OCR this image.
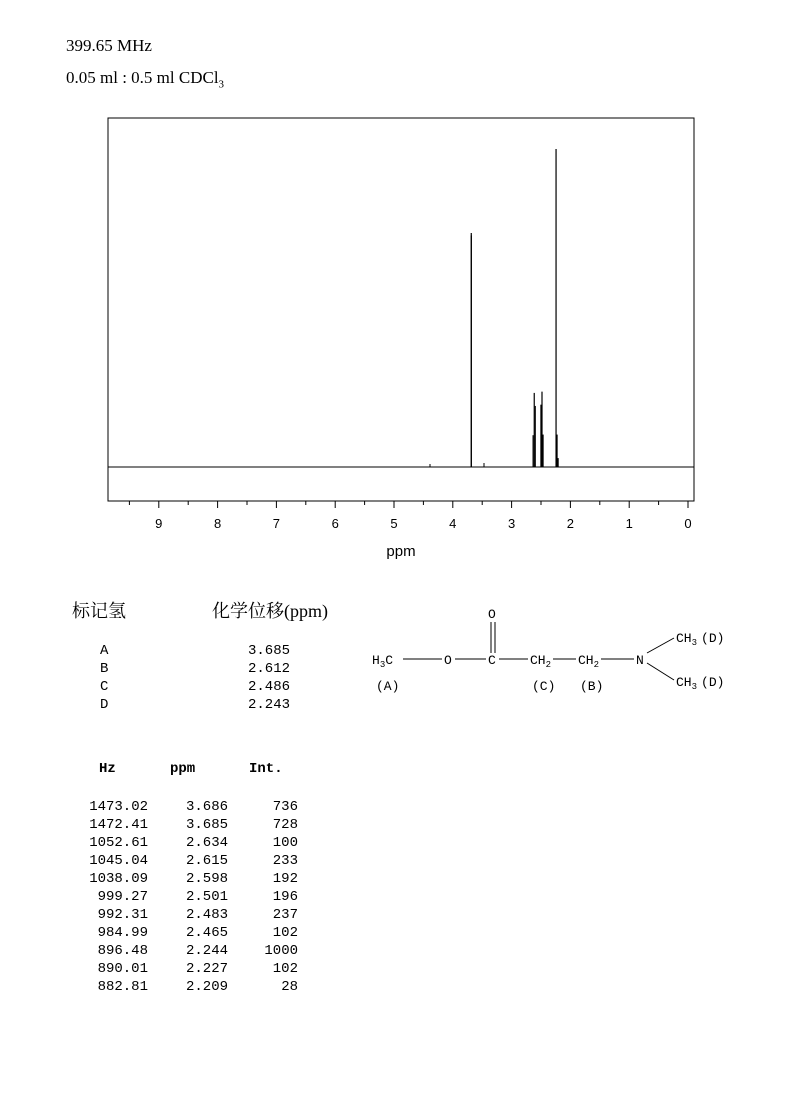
399.65 MHz
0.05 ml : 0.5 ml CDCl$_3$
9	8	7	6	5	4	3	2	1	0
ppm
标记氢	化学位移(ppm)
A	3.685
B	2.612
C	2.486
D	2.243
O
$H_3C$	O	C	$CH_2$ $CH_2$	N
$CH_3$ (D)
$CH_3$ (D)
(A)	(C) (B)
Hz	ppm	Int.
1473.02	3.686	736
1472.41	3.685	728
1052.61	2.634	100
1045.04	2.615	233
1038.09	2.598	192
999.27	2.501	196
992.31	2.483	237
984.99	2.465	102
896.48	2.244	1000
890.01	2.227	102
882.81	2.209	28
